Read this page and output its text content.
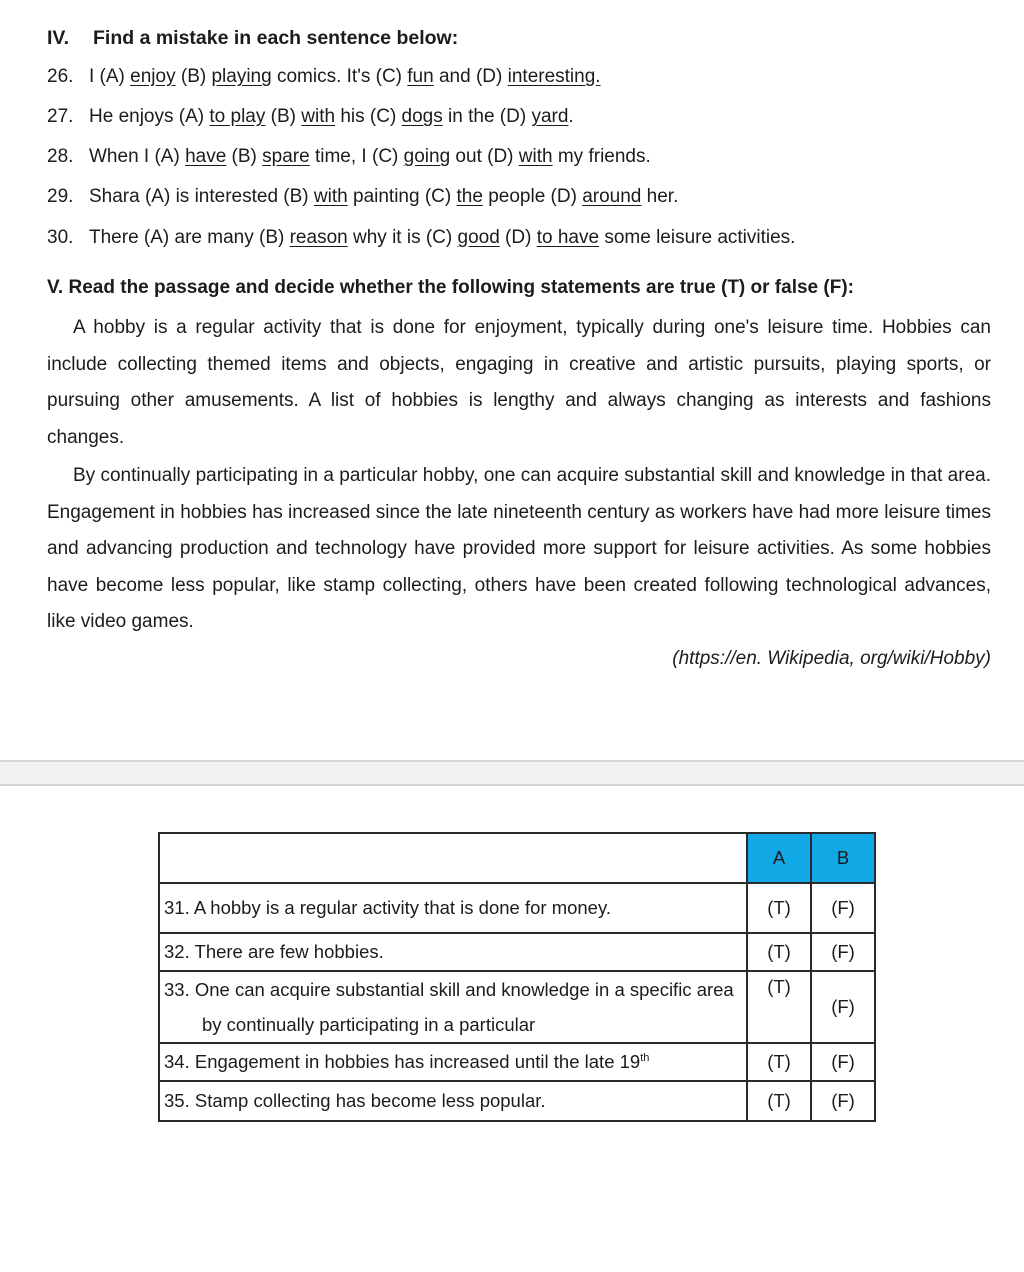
IV. Find a mistake in each sentence below:
26. I (A) enjoy (B) playing comics. It's (C) fun and (D) interesting.
27. He enjoys (A) to play (B) with his (C) dogs in the (D) yard.
28. When I (A) have (B) spare time, I (C) going out (D) with my friends.
29. Shara (A) is interested (B) with painting (C) the people (D) around her.
30. There (A) are many (B) reason why it is (C) good (D) to have some leisure activities.
V. Read the passage and decide whether the following statements are true (T) or false (F):

A hobby is a regular activity that is done for enjoyment, typically during one's leisure time. Hobbies can include collecting themed items and objects, engaging in creative and artistic pursuits, playing sports, or pursuing other amusements. A list of hobbies is lengthy and always changing as interests and fashions changes.

By continually participating in a particular hobby, one can acquire substantial skill and knowledge in that area. Engagement in hobbies has increased since the late nineteenth century as workers have had more leisure times and advancing production and technology have provided more support for leisure activities. As some hobbies have become less popular, like stamp collecting, others have been created following technological advances, like video games.

(https://en. Wikipedia, org/wiki/Hobby)
	A	B
31. A hobby is a regular activity that is done for money.	(T)	(F)
32. There are few hobbies.	(T)	(F)

33. One can acquire substantial skill and knowledge in a specific area by continually participating in a particular	(T)	(F)
34. Engagement in hobbies has increased until the late 19th	(T)	(F)
35. Stamp collecting has become less popular.	(T)	(F)
